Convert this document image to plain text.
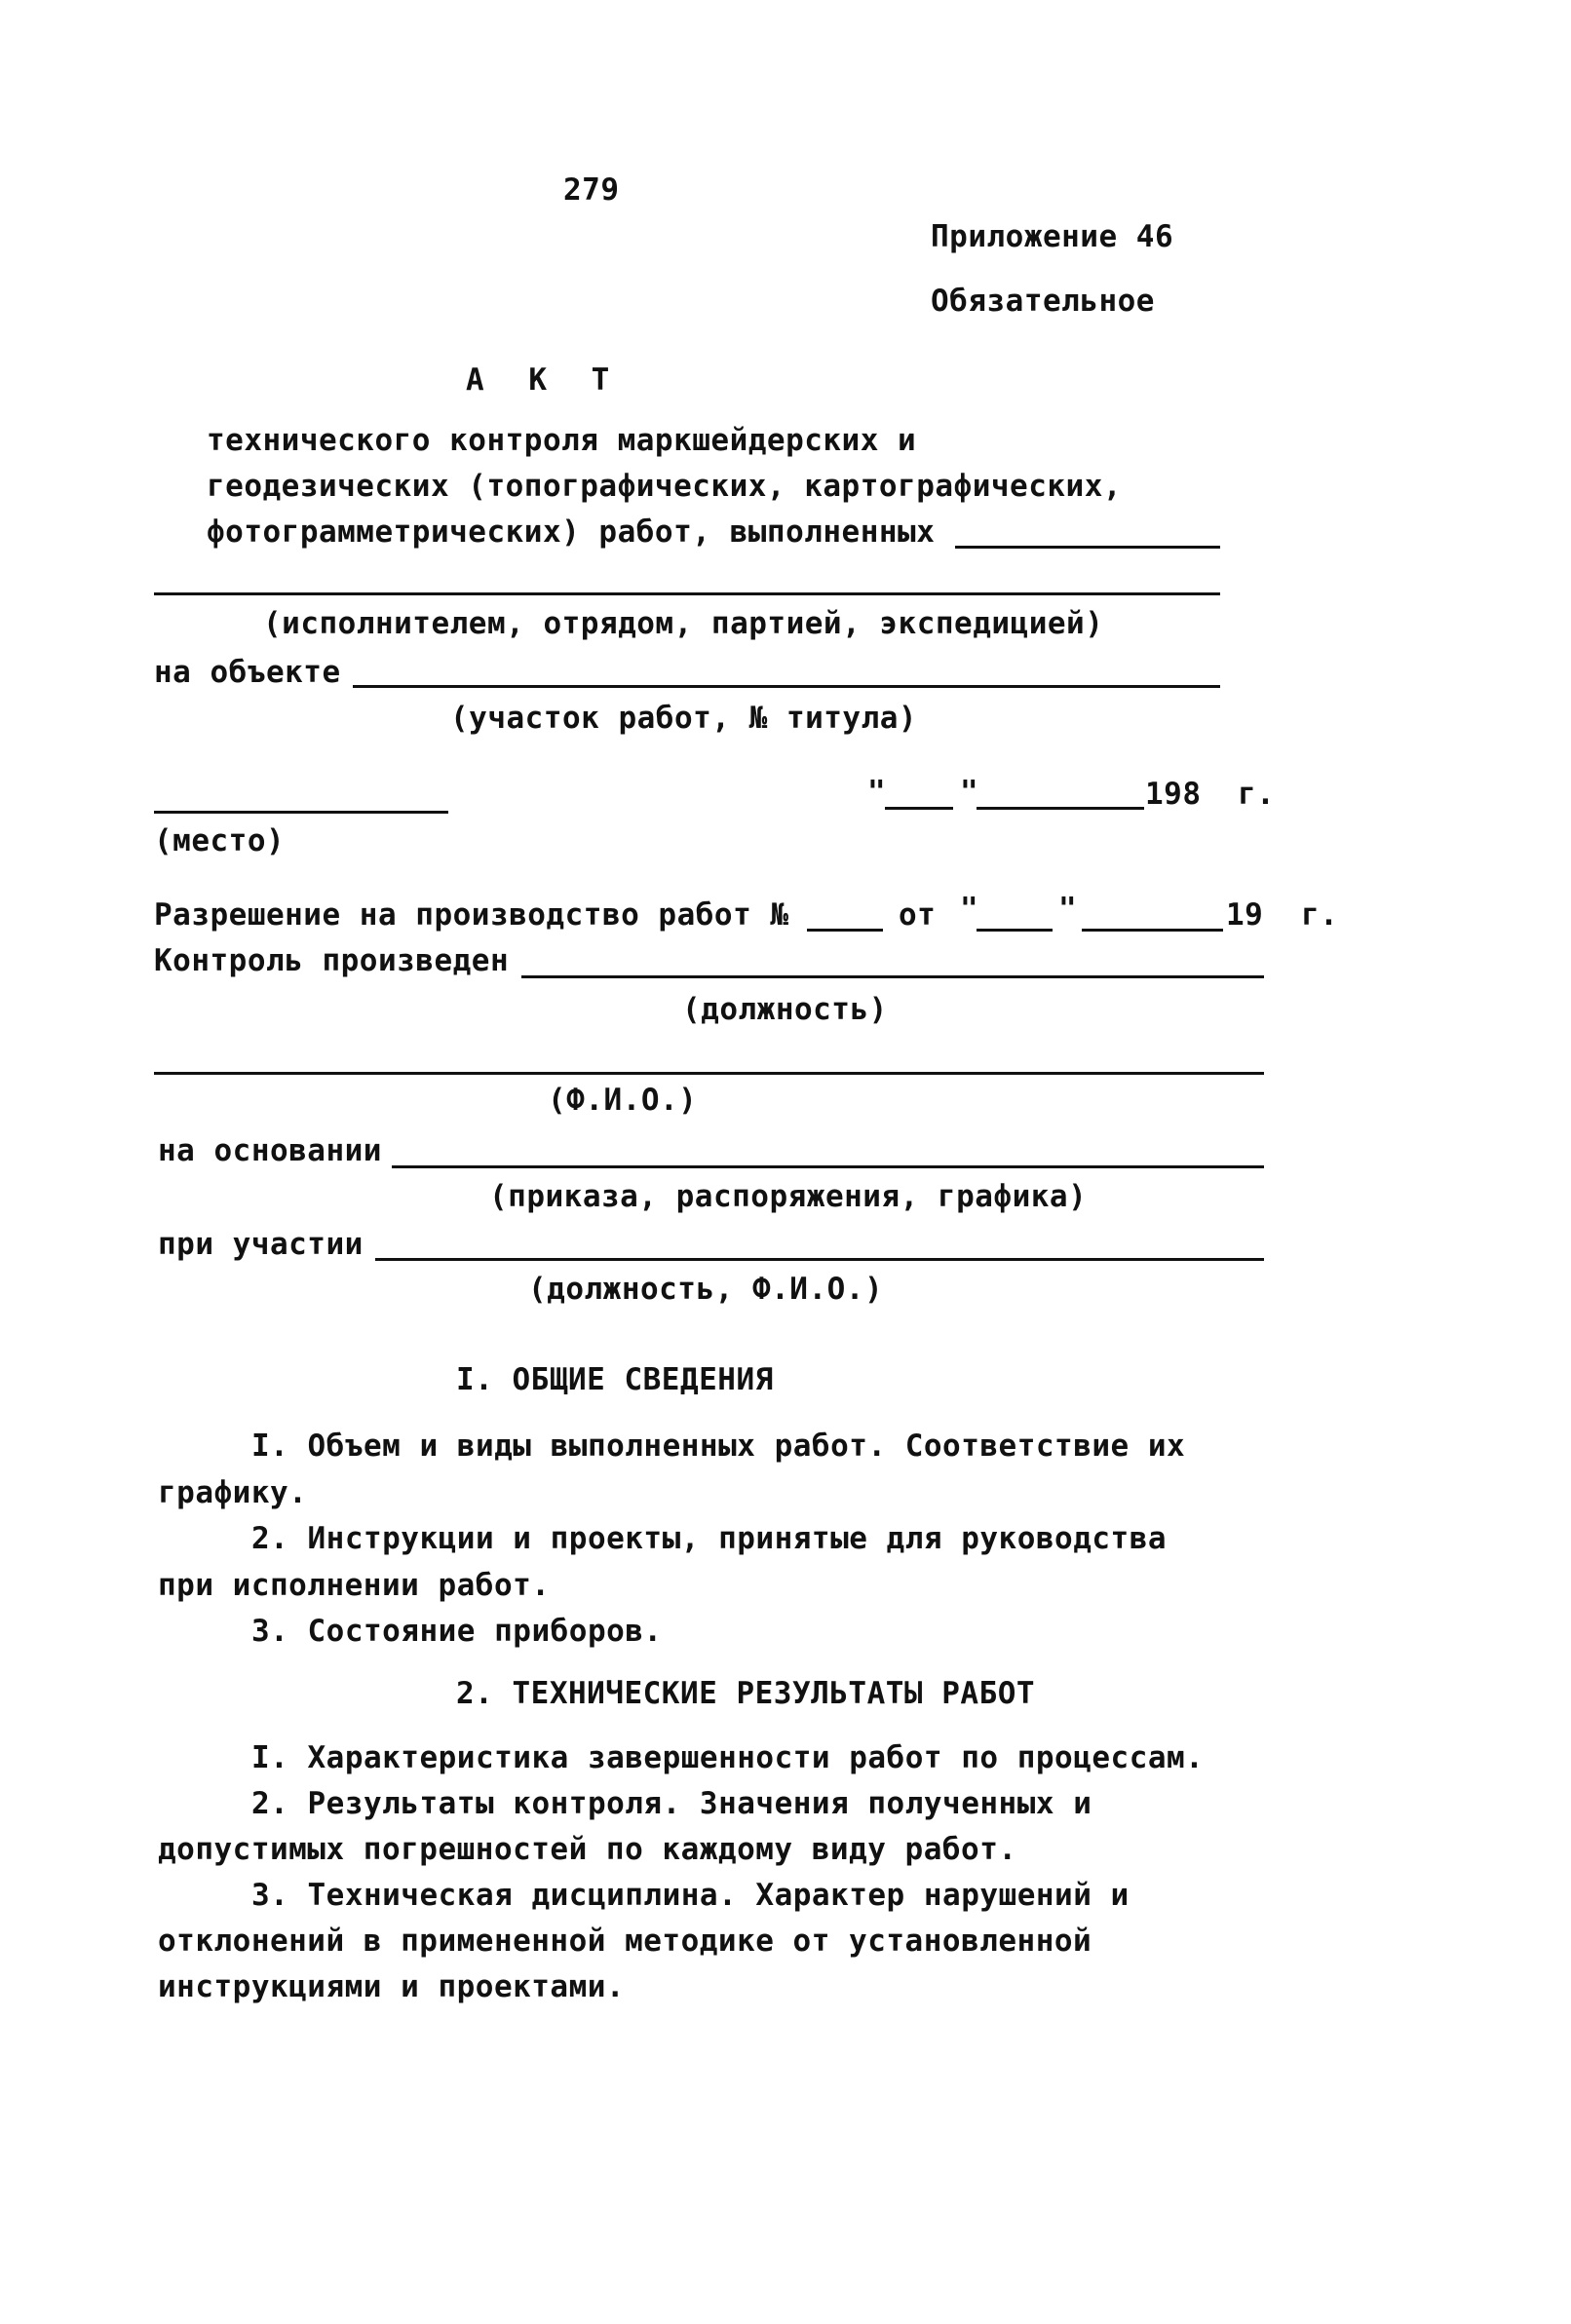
279
Приложение 46
Обязательное
А К Т
технического контроля маркшейдерских и
геодезических (топографических, картографических,
фотограмметрических) работ, выполненных
(исполнителем, отрядом, партией, экспедицией)
на объекте
(участок работ, № титула)
(место)
" "	198 г.
Разрешение на производство работ №	от "	"	19 г.
Контроль произведен
(должность)
(Ф.И.О.)
на основании
(приказа, распоряжения, графика)
при участии
(должность, Ф.И.О.)
I. ОБЩИЕ СВЕДЕНИЯ
I. Объем и виды выполненных работ. Соответствие их
графику.
2. Инструкции и проекты, принятые для руководства
при исполнении работ.
3. Состояние приборов.
2. ТЕХНИЧЕСКИЕ РЕЗУЛЬТАТЫ РАБОТ
I. Характеристика завершенности работ по процессам.
2. Результаты контроля. Значения полученных и
допустимых погрешностей по каждому виду работ.
3. Техническая дисциплина. Характер нарушений и
отклонений в примененной методике от установленной
инструкциями и проектами.
